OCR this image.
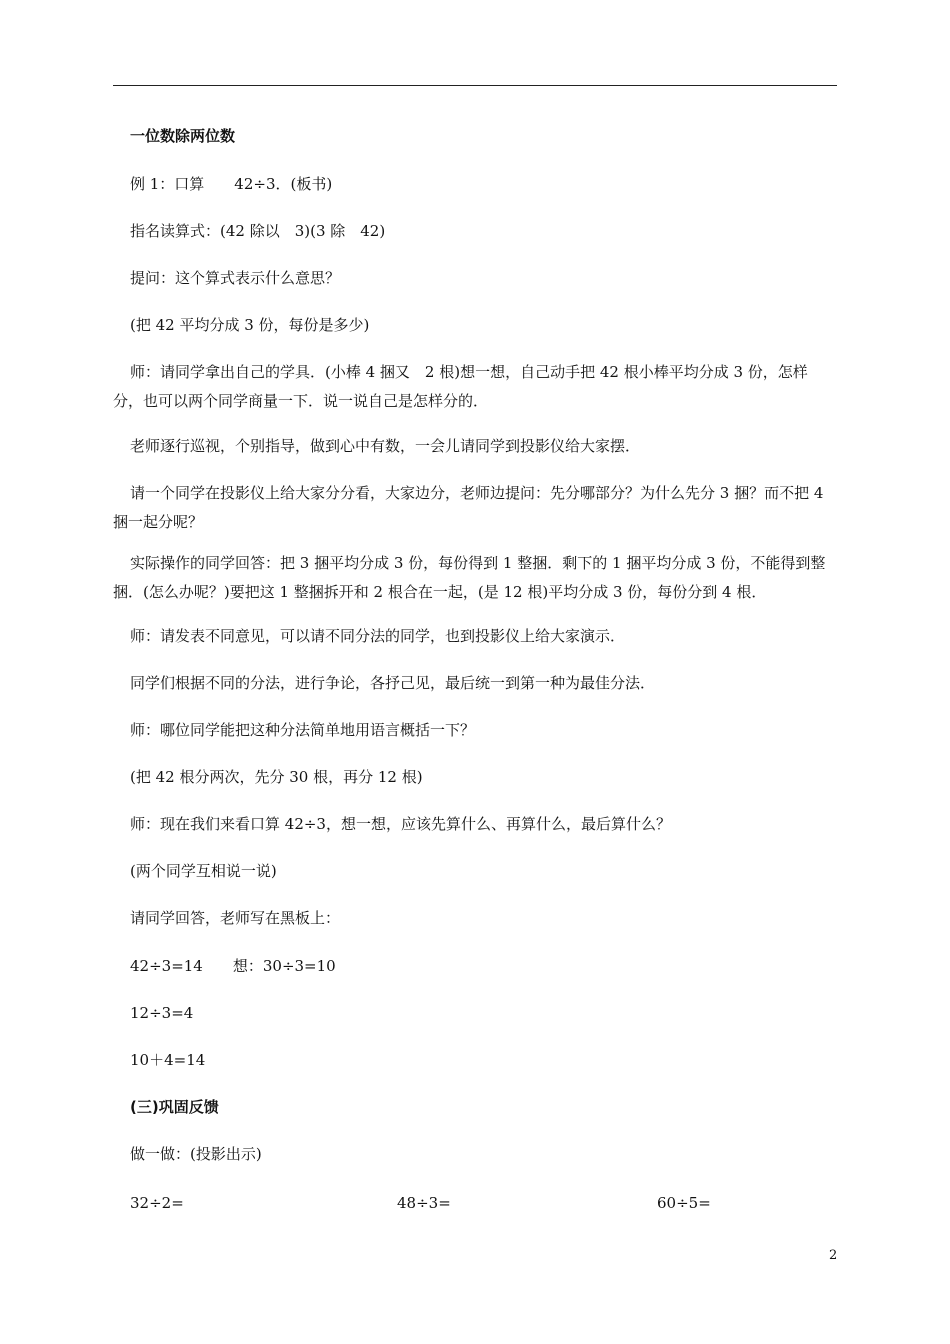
一位数除两位数
例 1：口算　　42÷3．(板书)
指名读算式：(42 除以　3)(3 除　42)
提问：这个算式表示什么意思？
(把 42 平均分成 3 份，每份是多少)
师：请同学拿出自己的学具．(小棒 4 捆又　2 根)想一想，自己动手把 42 根小棒平均分成 3 份，怎样分，也可以两个同学商量一下．说一说自己是怎样分的．
老师逐行巡视，个别指导，做到心中有数，一会儿请同学到投影仪给大家摆．
请一个同学在投影仪上给大家分分看，大家边分，老师边提问：先分哪部分？为什么先分 3 捆？而不把 4 捆一起分呢？
实际操作的同学回答：把 3 捆平均分成 3 份，每份得到 1 整捆．剩下的 1 捆平均分成 3 份，不能得到整捆．(怎么办呢？)要把这 1 整捆拆开和 2 根合在一起，(是 12 根)平均分成 3 份，每份分到 4 根．
师：请发表不同意见，可以请不同分法的同学，也到投影仪上给大家演示．
同学们根据不同的分法，进行争论，各抒己见，最后统一到第一种为最佳分法．
师：哪位同学能把这种分法简单地用语言概括一下？
(把 42 根分两次，先分 30 根，再分 12 根)
师：现在我们来看口算 42÷3，想一想，应该先算什么、再算什么，最后算什么？
(两个同学互相说一说)
请同学回答，老师写在黑板上：
42÷3=14　　想：30÷3=10
12÷3=4
10＋4=14
(三)巩固反馈
做一做：(投影出示)
32÷2=	48÷3=	60÷5=
2
